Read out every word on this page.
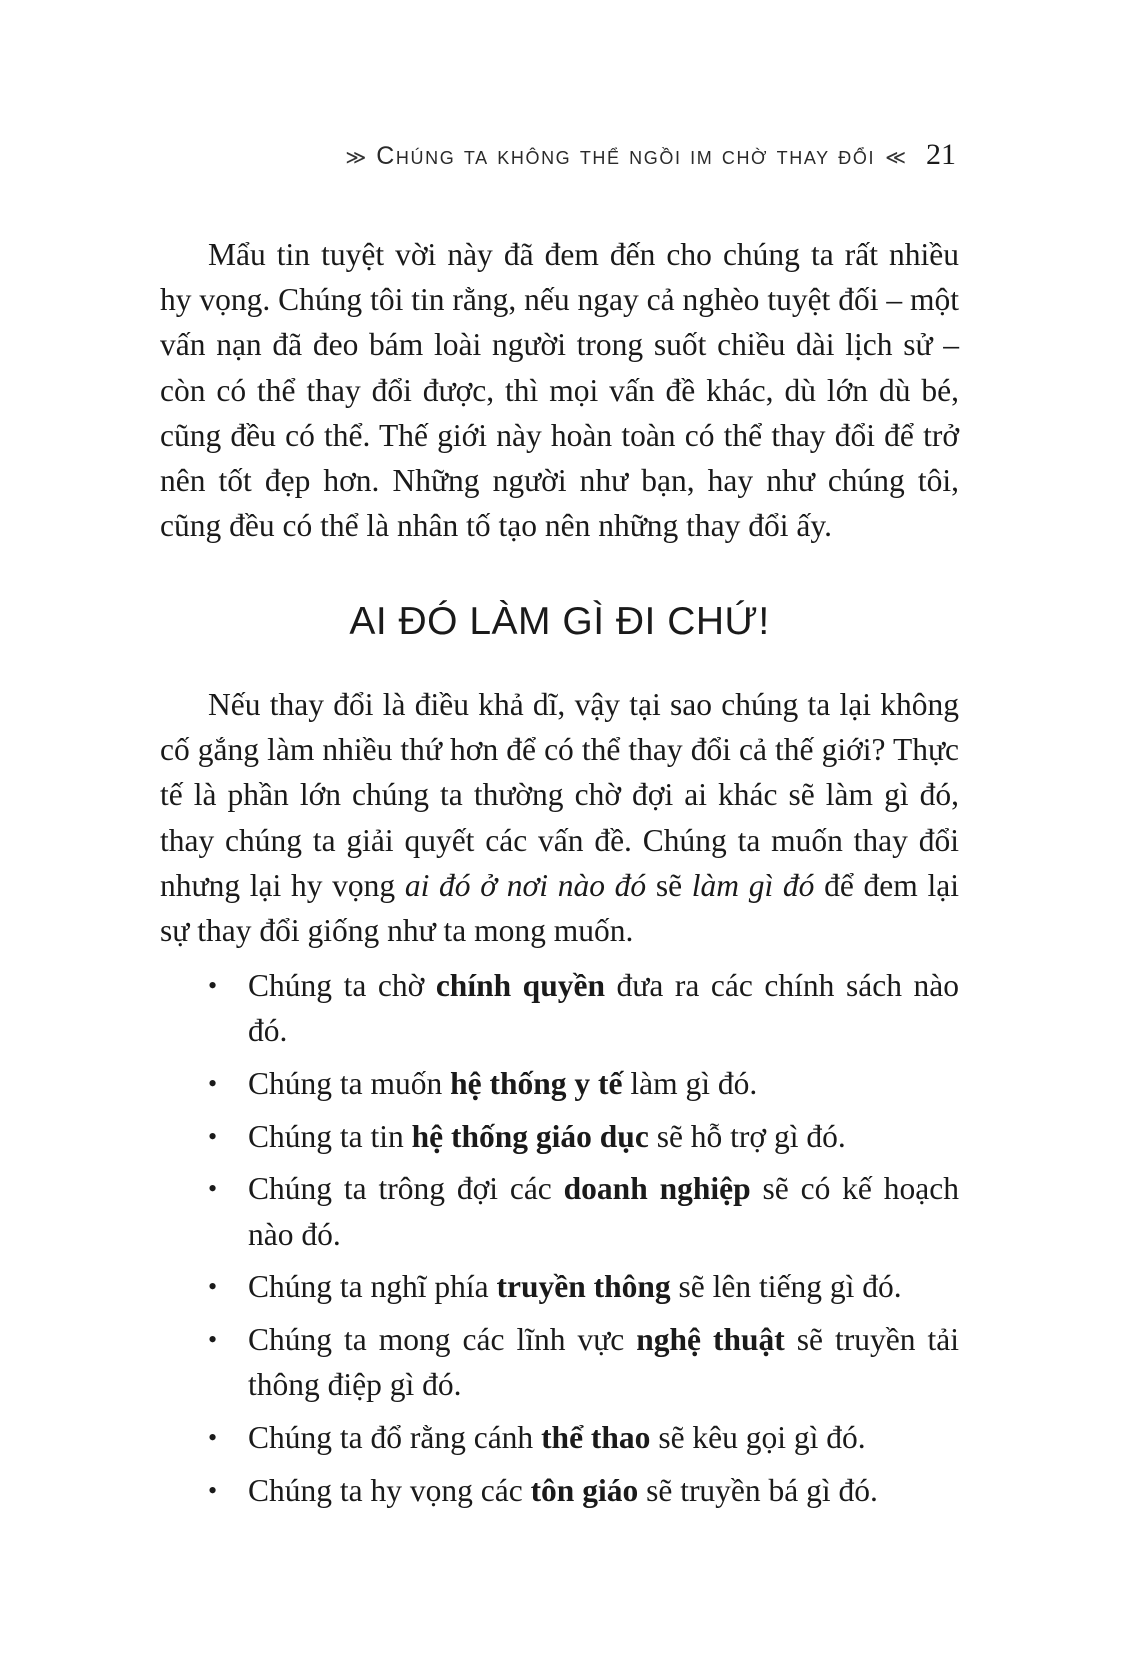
≫ Chúng ta không thể ngồi im chờ thay đổi ≪ 21

Mẩu tin tuyệt vời này đã đem đến cho chúng ta rất nhiều hy vọng. Chúng tôi tin rằng, nếu ngay cả nghèo tuyệt đối – một vấn nạn đã đeo bám loài người trong suốt chiều dài lịch sử – còn có thể thay đổi được, thì mọi vấn đề khác, dù lớn dù bé, cũng đều có thể. Thế giới này hoàn toàn có thể thay đổi để trở nên tốt đẹp hơn. Những người như bạn, hay như chúng tôi, cũng đều có thể là nhân tố tạo nên những thay đổi ấy.

AI ĐÓ LÀM GÌ ĐI CHỨ!

Nếu thay đổi là điều khả dĩ, vậy tại sao chúng ta lại không cố gắng làm nhiều thứ hơn để có thể thay đổi cả thế giới? Thực tế là phần lớn chúng ta thường chờ đợi ai khác sẽ làm gì đó, thay chúng ta giải quyết các vấn đề. Chúng ta muốn thay đổi nhưng lại hy vọng ai đó ở nơi nào đó sẽ làm gì đó để đem lại sự thay đổi giống như ta mong muốn.

• Chúng ta chờ chính quyền đưa ra các chính sách nào đó.
• Chúng ta muốn hệ thống y tế làm gì đó.
• Chúng ta tin hệ thống giáo dục sẽ hỗ trợ gì đó.
• Chúng ta trông đợi các doanh nghiệp sẽ có kế hoạch nào đó.
• Chúng ta nghĩ phía truyền thông sẽ lên tiếng gì đó.
• Chúng ta mong các lĩnh vực nghệ thuật sẽ truyền tải thông điệp gì đó.
• Chúng ta đổ rằng cánh thể thao sẽ kêu gọi gì đó.
• Chúng ta hy vọng các tôn giáo sẽ truyền bá gì đó.
